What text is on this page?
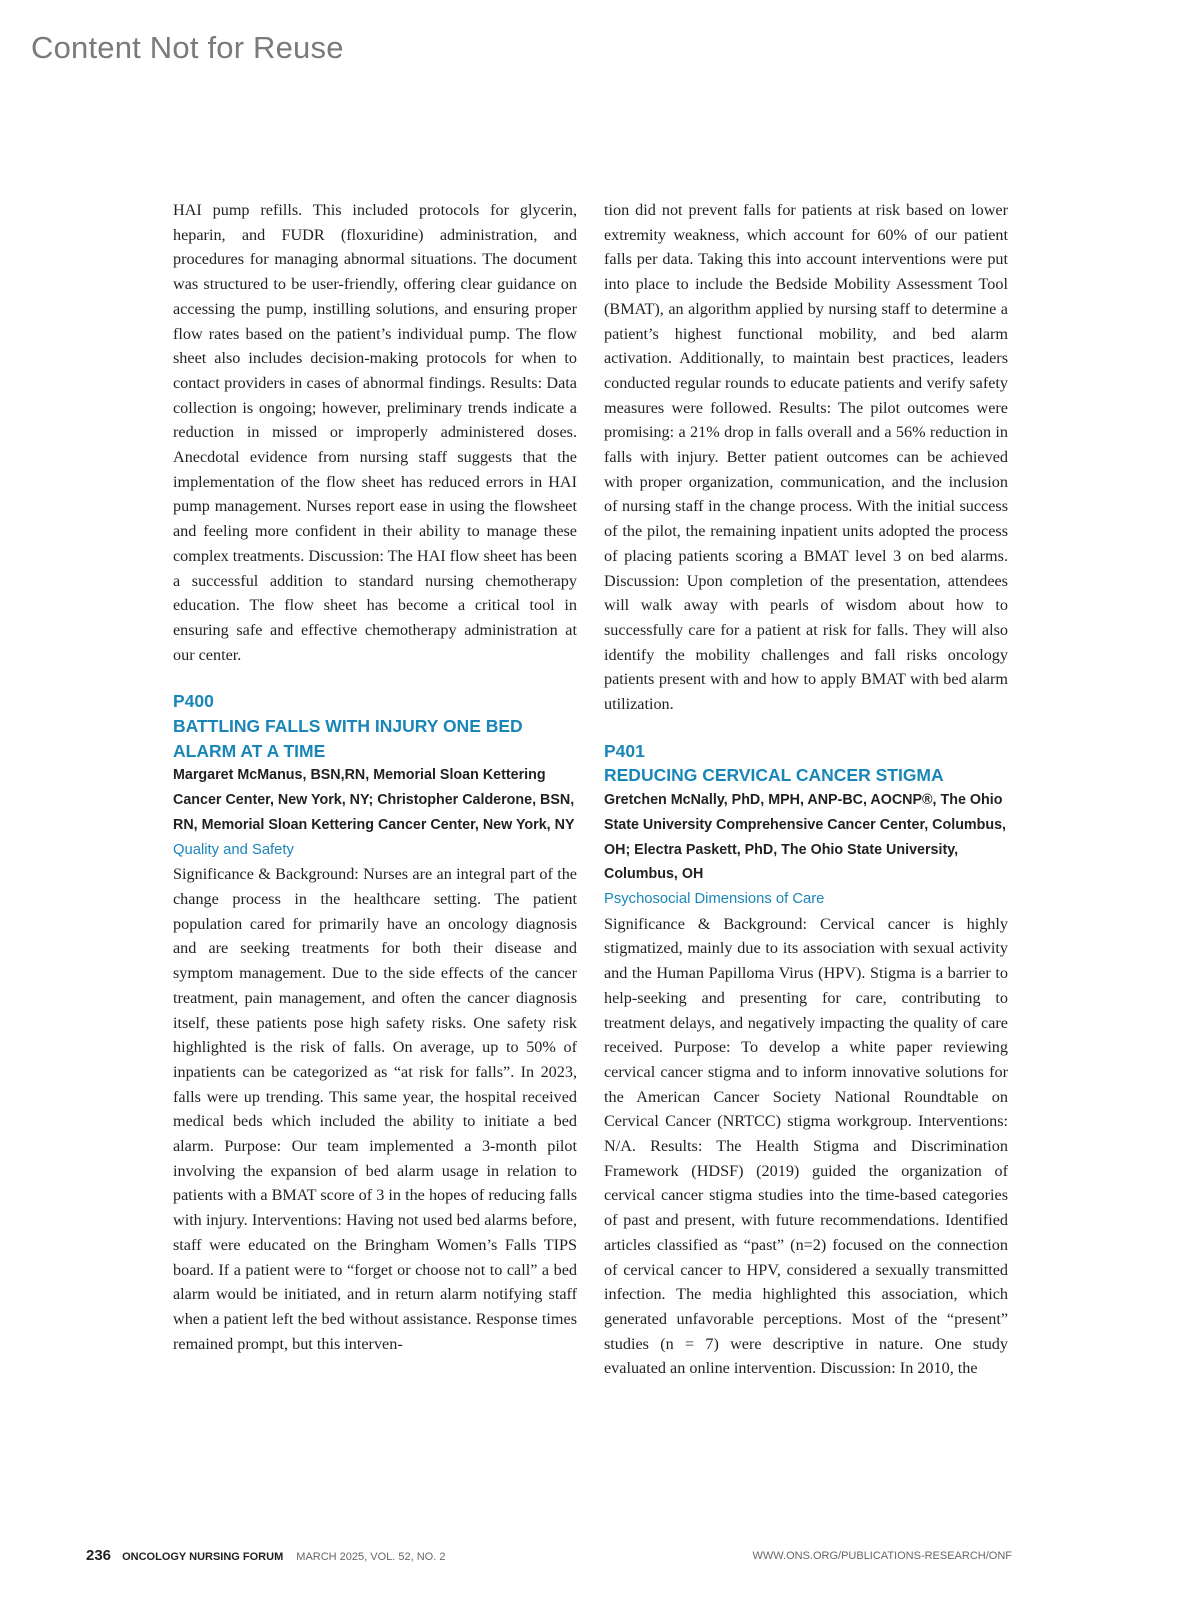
Content Not for Reuse

HAI pump refills. This included protocols for glycerin, heparin, and FUDR (floxuridine) administration, and procedures for managing abnormal situations. The document was structured to be user-friendly, offering clear guidance on accessing the pump, instilling solutions, and ensuring proper flow rates based on the patient’s individual pump. The flow sheet also includes decision-making protocols for when to contact providers in cases of abnormal findings. Results: Data collection is ongoing; however, preliminary trends indicate a reduction in missed or improperly administered doses. Anecdotal evidence from nursing staff suggests that the implementation of the flow sheet has reduced errors in HAI pump management. Nurses report ease in using the flowsheet and feeling more confident in their ability to manage these complex treatments. Discussion: The HAI flow sheet has been a successful addition to standard nursing chemotherapy education. The flow sheet has become a critical tool in ensuring safe and effective chemotherapy administration at our center.

P400
BATTLING FALLS WITH INJURY ONE BED ALARM AT A TIME
Margaret McManus, BSN,RN, Memorial Sloan Kettering Cancer Center, New York, NY; Christopher Calderone, BSN, RN, Memorial Sloan Kettering Cancer Center, New York, NY
Quality and Safety

Significance & Background: Nurses are an integral part of the change process in the healthcare setting. The patient population cared for primarily have an oncology diagnosis and are seeking treatments for both their disease and symptom management. Due to the side effects of the cancer treatment, pain management, and often the cancer diagnosis itself, these patients pose high safety risks. One safety risk highlighted is the risk of falls. On average, up to 50% of inpatients can be categorized as “at risk for falls”. In 2023, falls were up trending. This same year, the hospital received medical beds which included the ability to initiate a bed alarm. Purpose: Our team implemented a 3-month pilot involving the expansion of bed alarm usage in relation to patients with a BMAT score of 3 in the hopes of reducing falls with injury. Interventions: Having not used bed alarms before, staff were educated on the Bringham Women’s Falls TIPS board. If a patient were to “forget or choose not to call” a bed alarm would be initiated, and in return alarm notifying staff when a patient left the bed without assistance. Response times remained prompt, but this interven-

tion did not prevent falls for patients at risk based on lower extremity weakness, which account for 60% of our patient falls per data. Taking this into account interventions were put into place to include the Bedside Mobility Assessment Tool (BMAT), an algorithm applied by nursing staff to determine a patient’s highest functional mobility, and bed alarm activation. Additionally, to maintain best practices, leaders conducted regular rounds to educate patients and verify safety measures were followed. Results: The pilot outcomes were promising: a 21% drop in falls overall and a 56% reduction in falls with injury. Better patient outcomes can be achieved with proper organization, communication, and the inclusion of nursing staff in the change process. With the initial success of the pilot, the remaining inpatient units adopted the process of placing patients scoring a BMAT level 3 on bed alarms. Discussion: Upon completion of the presentation, attendees will walk away with pearls of wisdom about how to successfully care for a patient at risk for falls. They will also identify the mobility challenges and fall risks oncology patients present with and how to apply BMAT with bed alarm utilization.

P401
REDUCING CERVICAL CANCER STIGMA
Gretchen McNally, PhD, MPH, ANP-BC, AOCNP®, The Ohio State University Comprehensive Cancer Center, Columbus, OH; Electra Paskett, PhD, The Ohio State University, Columbus, OH
Psychosocial Dimensions of Care

Significance & Background: Cervical cancer is highly stigmatized, mainly due to its association with sexual activity and the Human Papilloma Virus (HPV). Stigma is a barrier to help-seeking and presenting for care, contributing to treatment delays, and negatively impacting the quality of care received. Purpose: To develop a white paper reviewing cervical cancer stigma and to inform innovative solutions for the American Cancer Society National Roundtable on Cervical Cancer (NRTCC) stigma workgroup. Interventions: N/A. Results: The Health Stigma and Discrimination Framework (HDSF) (2019) guided the organization of cervical cancer stigma studies into the time-based categories of past and present, with future recommendations. Identified articles classified as “past” (n=2) focused on the connection of cervical cancer to HPV, considered a sexually transmitted infection. The media highlighted this association, which generated unfavorable perceptions. Most of the “present” studies (n = 7) were descriptive in nature. One study evaluated an online intervention. Discussion: In 2010, the

236 ONCOLOGY NURSING FORUM MARCH 2025, VOL. 52, NO. 2	WWW.ONS.ORG/PUBLICATIONS-RESEARCH/ONF
